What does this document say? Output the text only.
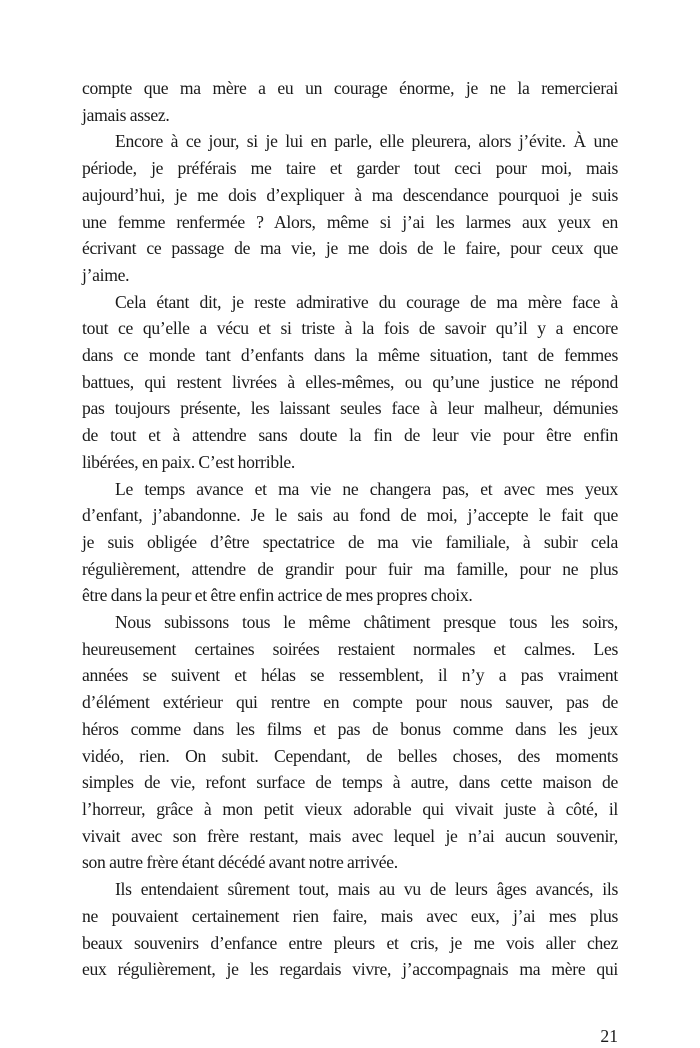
compte que ma mère a eu un courage énorme, je ne la remercierai
jamais assez.
Encore à ce jour, si je lui en parle, elle pleurera, alors j’évite. À une
période, je préférais me taire et garder tout ceci pour moi, mais
aujourd’hui, je me dois d’expliquer à ma descendance pourquoi je suis
une femme renfermée ? Alors, même si j’ai les larmes aux yeux en
écrivant ce passage de ma vie, je me dois de le faire, pour ceux que
j’aime.
Cela étant dit, je reste admirative du courage de ma mère face à
tout ce qu’elle a vécu et si triste à la fois de savoir qu’il y a encore
dans ce monde tant d’enfants dans la même situation, tant de femmes
battues, qui restent livrées à elles-mêmes, ou qu’une justice ne répond
pas toujours présente, les laissant seules face à leur malheur, démunies
de tout et à attendre sans doute la fin de leur vie pour être enfin
libérées, en paix. C’est horrible.
Le temps avance et ma vie ne changera pas, et avec mes yeux
d’enfant, j’abandonne. Je le sais au fond de moi, j’accepte le fait que
je suis obligée d’être spectatrice de ma vie familiale, à subir cela
régulièrement, attendre de grandir pour fuir ma famille, pour ne plus
être dans la peur et être enfin actrice de mes propres choix.
Nous subissons tous le même châtiment presque tous les soirs,
heureusement certaines soirées restaient normales et calmes. Les
années se suivent et hélas se ressemblent, il n’y a pas vraiment
d’élément extérieur qui rentre en compte pour nous sauver, pas de
héros comme dans les films et pas de bonus comme dans les jeux
vidéo, rien. On subit. Cependant, de belles choses, des moments
simples de vie, refont surface de temps à autre, dans cette maison de
l’horreur, grâce à mon petit vieux adorable qui vivait juste à côté, il
vivait avec son frère restant, mais avec lequel je n’ai aucun souvenir,
son autre frère étant décédé avant notre arrivée.
Ils entendaient sûrement tout, mais au vu de leurs âges avancés, ils
ne pouvaient certainement rien faire, mais avec eux, j’ai mes plus
beaux souvenirs d’enfance entre pleurs et cris, je me vois aller chez
eux régulièrement, je les regardais vivre, j’accompagnais ma mère qui
21
